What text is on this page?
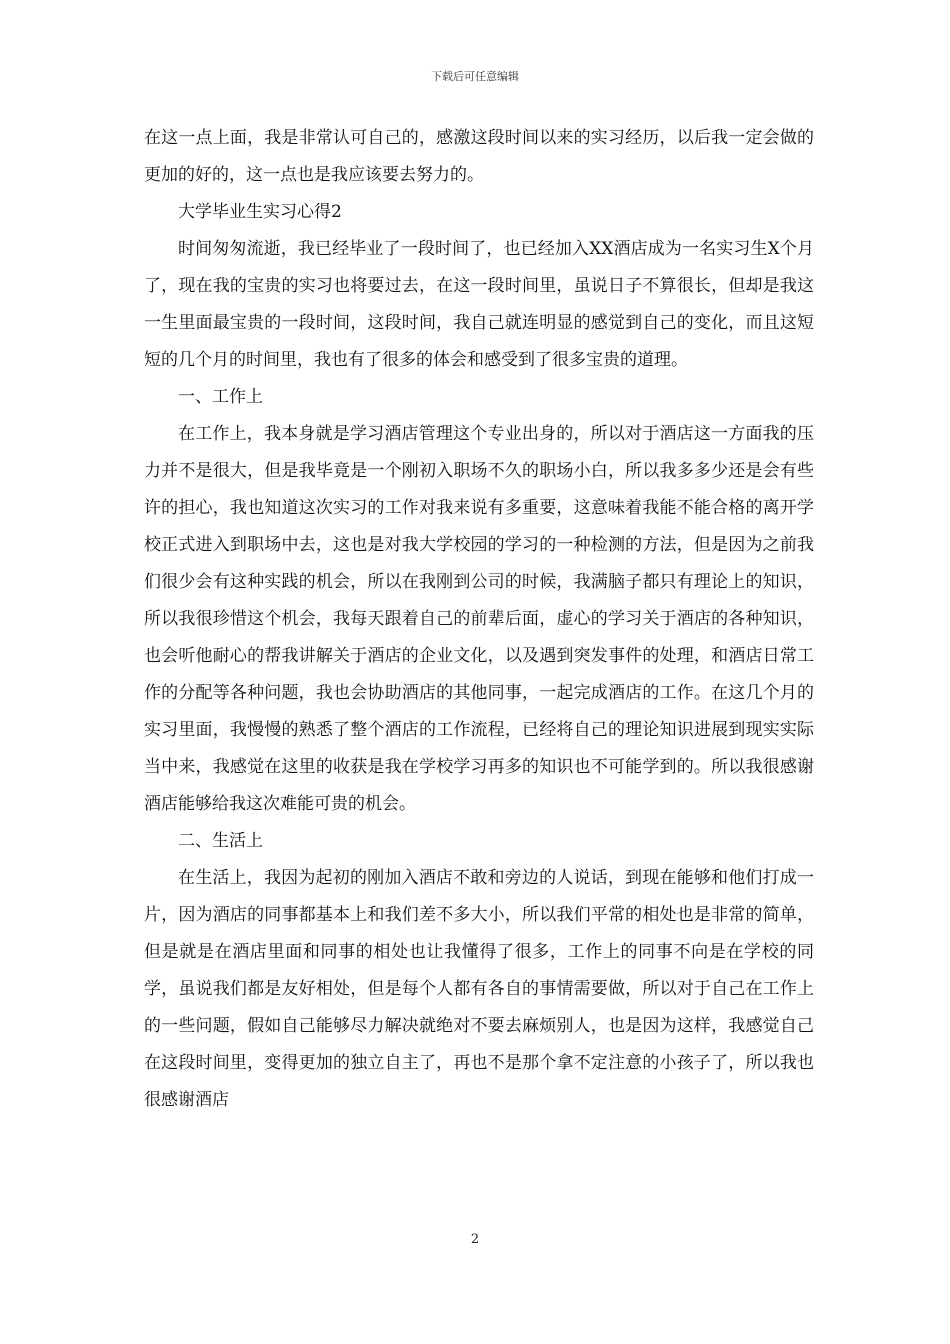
下载后可任意编辑

在这一点上面，我是非常认可自己的，感激这段时间以来的实习经历，以后我一定会做的更加的好的，这一点也是我应该要去努力的。

大学毕业生实习心得2

时间匆匆流逝，我已经毕业了一段时间了，也已经加入XX酒店成为一名实习生X个月了，现在我的宝贵的实习也将要过去，在这一段时间里，虽说日子不算很长，但却是我这一生里面最宝贵的一段时间，这段时间，我自己就连明显的感觉到自己的变化，而且这短短的几个月的时间里，我也有了很多的体会和感受到了很多宝贵的道理。

一、工作上

在工作上，我本身就是学习酒店管理这个专业出身的，所以对于酒店这一方面我的压力并不是很大，但是我毕竟是一个刚初入职场不久的职场小白，所以我多多少还是会有些许的担心，我也知道这次实习的工作对我来说有多重要，这意味着我能不能合格的离开学校正式进入到职场中去，这也是对我大学校园的学习的一种检测的方法，但是因为之前我们很少会有这种实践的机会，所以在我刚到公司的时候，我满脑子都只有理论上的知识，所以我很珍惜这个机会，我每天跟着自己的前辈后面，虚心的学习关于酒店的各种知识，也会听他耐心的帮我讲解关于酒店的企业文化，以及遇到突发事件的处理，和酒店日常工作的分配等各种问题，我也会协助酒店的其他同事，一起完成酒店的工作。在这几个月的实习里面，我慢慢的熟悉了整个酒店的工作流程，已经将自己的理论知识进展到现实实际当中来，我感觉在这里的收获是我在学校学习再多的知识也不可能学到的。所以我很感谢酒店能够给我这次难能可贵的机会。

二、生活上

在生活上，我因为起初的刚加入酒店不敢和旁边的人说话，到现在能够和他们打成一片，因为酒店的同事都基本上和我们差不多大小，所以我们平常的相处也是非常的简单，但是就是在酒店里面和同事的相处也让我懂得了很多，工作上的同事不向是在学校的同学，虽说我们都是友好相处，但是每个人都有各自的事情需要做，所以对于自己在工作上的一些问题，假如自己能够尽力解决就绝对不要去麻烦别人，也是因为这样，我感觉自己在这段时间里，变得更加的独立自主了，再也不是那个拿不定注意的小孩子了，所以我也很感谢酒店

2
